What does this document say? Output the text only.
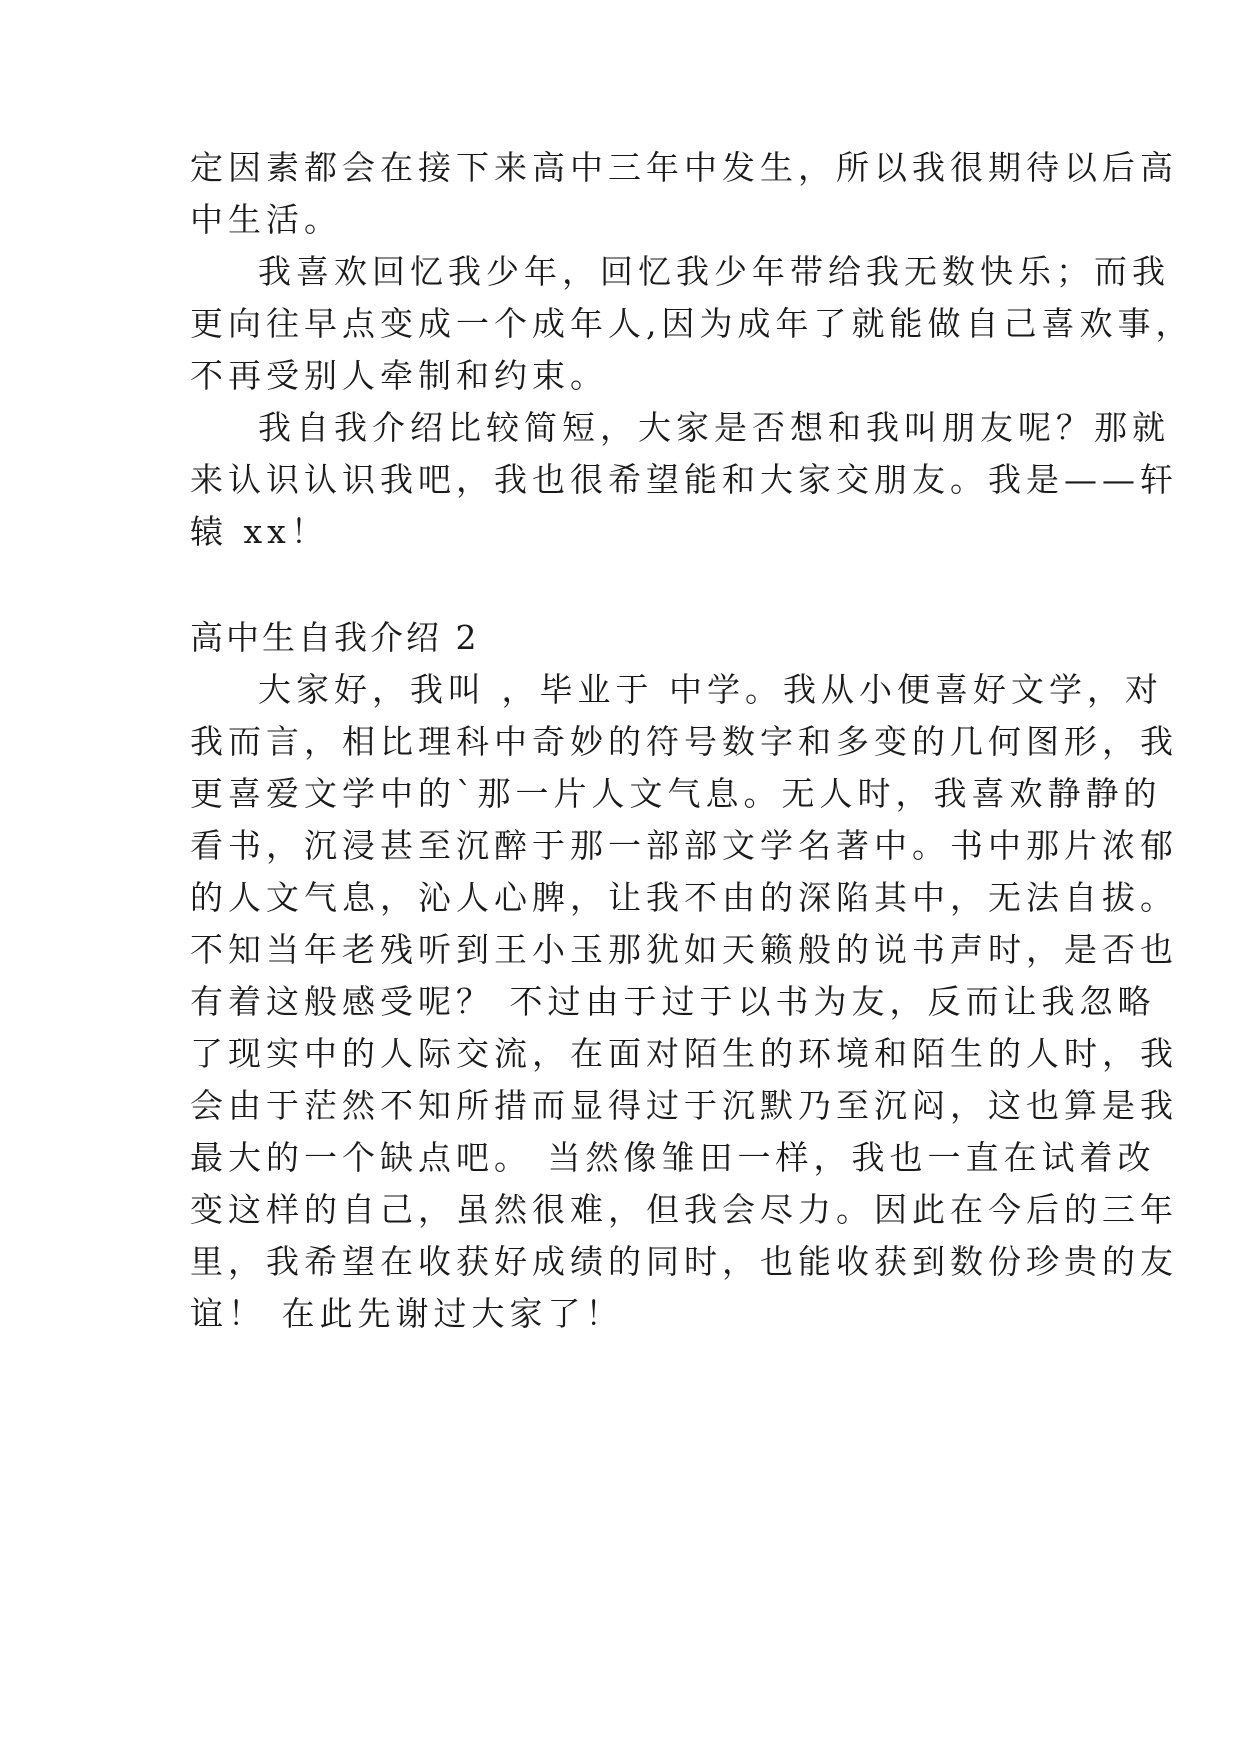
定因素都会在接下来高中三年中发生，所以我很期待以后高
中生活。
我喜欢回忆我少年，回忆我少年带给我无数快乐；而我
更向往早点变成一个成年人,因为成年了就能做自己喜欢事，
不再受别人牵制和约束。
我自我介绍比较简短，大家是否想和我叫朋友呢？那就
来认识认识我吧，我也很希望能和大家交朋友。我是——轩
辕 xx！
高中生自我介绍 2
大家好，我叫 ，毕业于 中学。我从小便喜好文学，对
我而言，相比理科中奇妙的符号数字和多变的几何图形，我
更喜爱文学中的`那一片人文气息。无人时，我喜欢静静的
看书，沉浸甚至沉醉于那一部部文学名著中。书中那片浓郁
的人文气息，沁人心脾，让我不由的深陷其中，无法自拔。
不知当年老残听到王小玉那犹如天籁般的说书声时，是否也
有着这般感受呢？ 不过由于过于以书为友，反而让我忽略
了现实中的人际交流，在面对陌生的环境和陌生的人时，我
会由于茫然不知所措而显得过于沉默乃至沉闷，这也算是我
最大的一个缺点吧。 当然像雏田一样，我也一直在试着改
变这样的自己，虽然很难，但我会尽力。因此在今后的三年
里，我希望在收获好成绩的同时，也能收获到数份珍贵的友
谊！ 在此先谢过大家了！
